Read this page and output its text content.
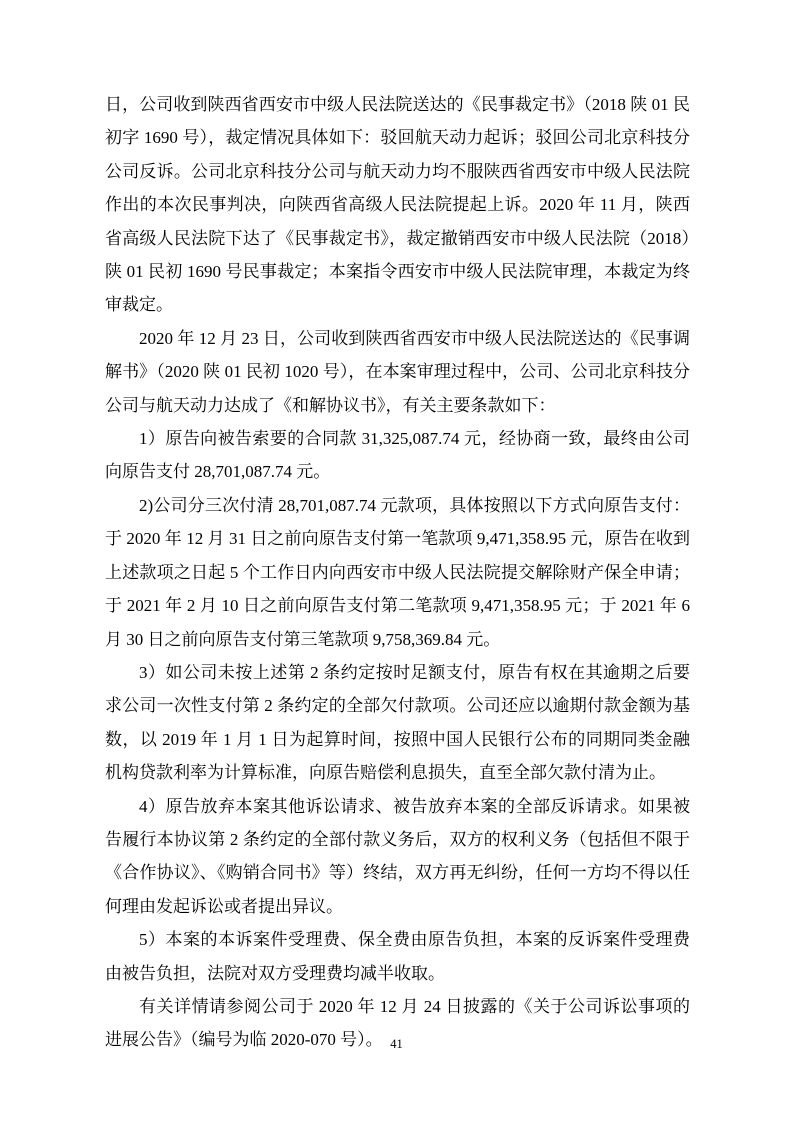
日，公司收到陕西省西安市中级人民法院送达的《民事裁定书》（2018 陕 01 民初字 1690 号），裁定情况具体如下：驳回航天动力起诉；驳回公司北京科技分公司反诉。公司北京科技分公司与航天动力均不服陕西省西安市中级人民法院作出的本次民事判决，向陕西省高级人民法院提起上诉。2020 年 11 月，陕西省高级人民法院下达了《民事裁定书》，裁定撤销西安市中级人民法院（2018）陕 01 民初 1690 号民事裁定；本案指令西安市中级人民法院审理，本裁定为终审裁定。

2020 年 12 月 23 日，公司收到陕西省西安市中级人民法院送达的《民事调解书》（2020 陕 01 民初 1020 号），在本案审理过程中，公司、公司北京科技分公司与航天动力达成了《和解协议书》，有关主要条款如下：

1）原告向被告索要的合同款 31,325,087.74 元，经协商一致，最终由公司向原告支付 28,701,087.74 元。

2)公司分三次付清 28,701,087.74 元款项，具体按照以下方式向原告支付：于 2020 年 12 月 31 日之前向原告支付第一笔款项 9,471,358.95 元，原告在收到上述款项之日起 5 个工作日内向西安市中级人民法院提交解除财产保全申请；于 2021 年 2 月 10 日之前向原告支付第二笔款项 9,471,358.95 元；于 2021 年 6 月 30 日之前向原告支付第三笔款项 9,758,369.84 元。

3）如公司未按上述第 2 条约定按时足额支付，原告有权在其逾期之后要求公司一次性支付第 2 条约定的全部欠付款项。公司还应以逾期付款金额为基数，以 2019 年 1 月 1 日为起算时间，按照中国人民银行公布的同期同类金融机构贷款利率为计算标准，向原告赔偿利息损失，直至全部欠款付清为止。

4）原告放弃本案其他诉讼请求、被告放弃本案的全部反诉请求。如果被告履行本协议第 2 条约定的全部付款义务后，双方的权利义务（包括但不限于《合作协议》、《购销合同书》等）终结，双方再无纠纷，任何一方均不得以任何理由发起诉讼或者提出异议。

5）本案的本诉案件受理费、保全费由原告负担，本案的反诉案件受理费由被告负担，法院对双方受理费均减半收取。

有关详情请参阅公司于 2020 年 12 月 24 日披露的《关于公司诉讼事项的进展公告》（编号为临 2020-070 号）。 41
